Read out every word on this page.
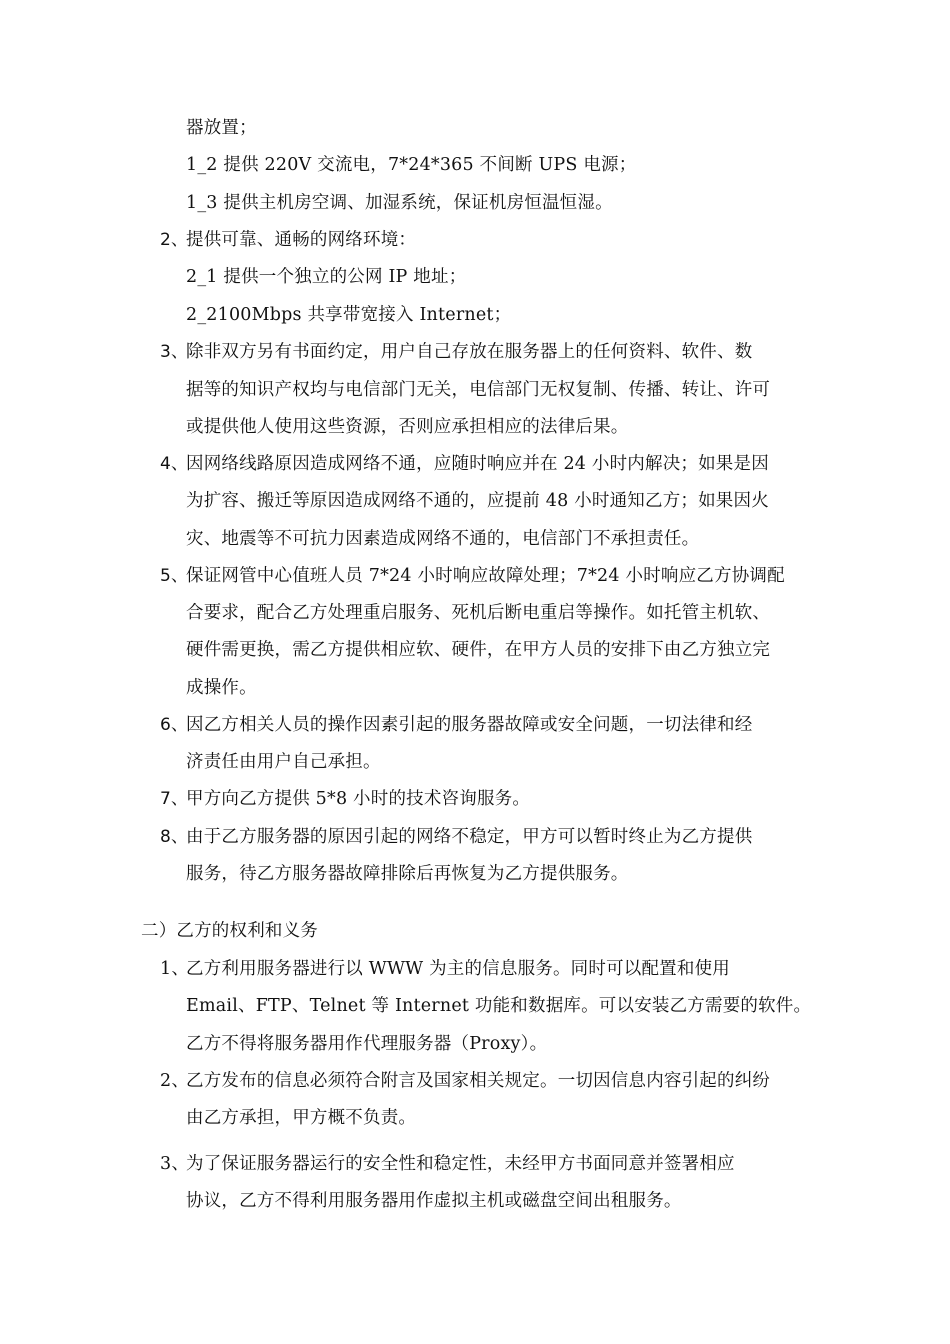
器放置；
1_2 提供 220V 交流电，7*24*365 不间断 UPS 电源；
1_3 提供主机房空调、加湿系统，保证机房恒温恒湿。
2、
提供可靠、通畅的网络环境：
2_1 提供一个独立的公网 IP 地址；
2_2100Mbps 共享带宽接入 Internet；
3、
除非双方另有书面约定，用户自己存放在服务器上的任何资料、软件、数
据等的知识产权均与电信部门无关，电信部门无权复制、传播、转让、许可
或提供他人使用这些资源，否则应承担相应的法律后果。
4、
因网络线路原因造成网络不通，应随时响应并在 24 小时内解决；如果是因
为扩容、搬迁等原因造成网络不通的，应提前 48 小时通知乙方；如果因火
灾、地震等不可抗力因素造成网络不通的，电信部门不承担责任。
5、
保证网管中心值班人员 7*24 小时响应故障处理；7*24 小时响应乙方协调配
合要求，配合乙方处理重启服务、死机后断电重启等操作。如托管主机软、
硬件需更换，需乙方提供相应软、硬件，在甲方人员的安排下由乙方独立完
成操作。
6、
因乙方相关人员的操作因素引起的服务器故障或安全问题，一切法律和经
济责任由用户自己承担。
7、
甲方向乙方提供 5*8 小时的技术咨询服务。
8、
由于乙方服务器的原因引起的网络不稳定，甲方可以暂时终止为乙方提供
服务，待乙方服务器故障排除后再恢复为乙方提供服务。
二）乙方的权利和义务
1、
乙方利用服务器进行以 WWW 为主的信息服务。同时可以配置和使用
Email、FTP、Telnet 等 Internet 功能和数据库。可以安装乙方需要的软件。
乙方不得将服务器用作代理服务器（Proxy）。
2、
乙方发布的信息必须符合附言及国家相关规定。一切因信息内容引起的纠纷
由乙方承担，甲方概不负责。
3、
为了保证服务器运行的安全性和稳定性，未经甲方书面同意并签署相应
协议，乙方不得利用服务器用作虚拟主机或磁盘空间出租服务。
